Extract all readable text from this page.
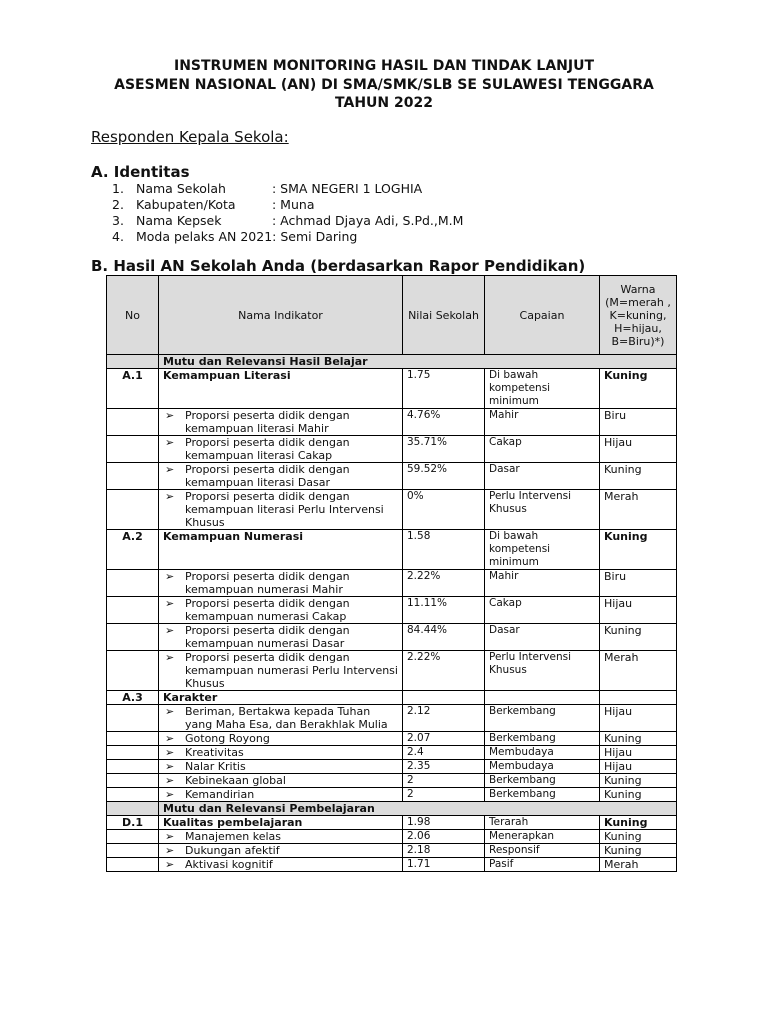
INSTRUMEN MONITORING HASIL DAN TINDAK LANJUT
ASESMEN NASIONAL (AN) DI SMA/SMK/SLB SE SULAWESI TENGGARA
TAHUN 2022
Responden Kepala Sekola:
A. Identitas
1. Nama Sekolah	: SMA NEGERI 1 LOGHIA
2. Kabupaten/Kota	: Muna
3. Nama Kepsek	: Achmad Djaya Adi, S.Pd.,M.M
4. Moda pelaks AN 2021: Semi Daring
B. Hasil AN Sekolah Anda (berdasarkan Rapor Pendidikan)
No	Nama Indikator	Nilai Sekolah	Capaian	Warna (M=merah , K=kuning, H=hijau, B=Biru)*)
	Mutu dan Relevansi Hasil Belajar			
A.1	Kemampuan Literasi	1.75	Di bawah kompetensi minimum	Kuning

	➢ Proporsi peserta didik dengan kemampuan literasi Mahir	4.76%	Mahir	Biru

	➢ Proporsi peserta didik dengan kemampuan literasi Cakap	35.71%	Cakap	Hijau

	➢ Proporsi peserta didik dengan kemampuan literasi Dasar	59.52%	Dasar	Kuning

	➢ Proporsi peserta didik dengan kemampuan literasi Perlu Intervensi Khusus	0%	Perlu Intervensi Khusus	Merah
A.2	Kemampuan Numerasi	1.58	Di bawah kompetensi minimum	Kuning

	➢ Proporsi peserta didik dengan kemampuan numerasi Mahir	2.22%	Mahir	Biru

	➢ Proporsi peserta didik dengan kemampuan numerasi Cakap	11.11%	Cakap	Hijau

	➢ Proporsi peserta didik dengan kemampuan numerasi Dasar	84.44%	Dasar	Kuning

	➢ Proporsi peserta didik dengan kemampuan numerasi Perlu Intervensi Khusus	2.22%	Perlu Intervensi Khusus	Merah
A.3	Karakter			

	➢ Beriman, Bertakwa kepada Tuhan yang Maha Esa, dan Berakhlak Mulia	2.12	Berkembang	Hijau

	➢ Gotong Royong	2.07	Berkembang	Kuning

	➢ Kreativitas	2.4	Membudaya	Hijau

	➢ Nalar Kritis	2.35	Membudaya	Hijau

	➢ Kebinekaan global	2	Berkembang	Kuning

	➢ Kemandirian	2	Berkembang	Kuning
	Mutu dan Relevansi Pembelajaran			
D.1	Kualitas pembelajaran	1.98	Terarah	Kuning

	➢ Manajemen kelas	2.06	Menerapkan	Kuning

	➢ Dukungan afektif	2.18	Responsif	Kuning

	➢ Aktivasi kognitif	1.71	Pasif	Merah
